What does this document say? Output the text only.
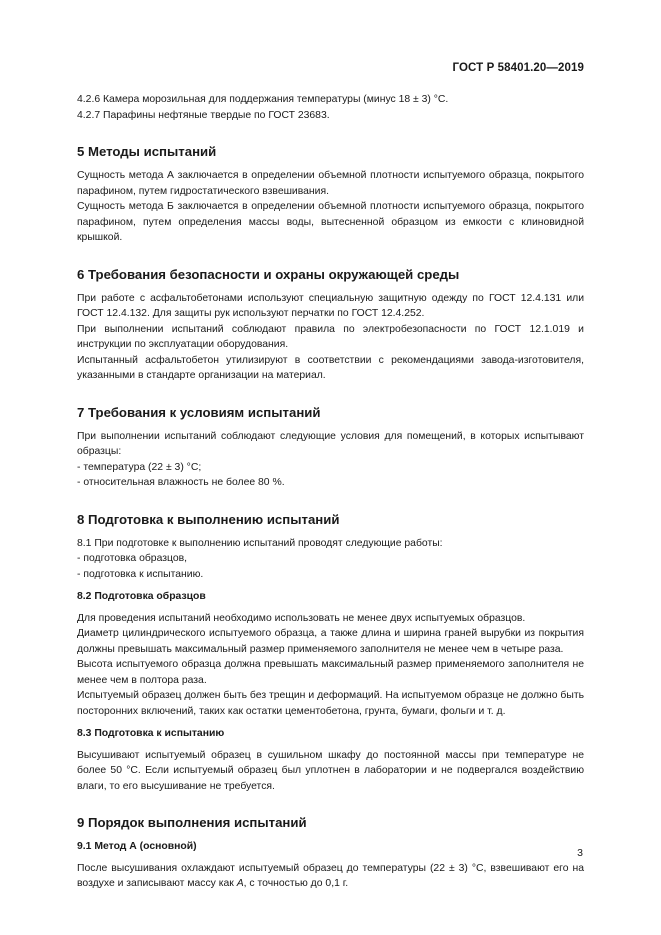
ГОСТ Р 58401.20—2019

4.2.6 Камера морозильная для поддержания температуры (минус 18 ± 3) °С.

4.2.7 Парафины нефтяные твердые по ГОСТ 23683.

5 Методы испытаний

Сущность метода А заключается в определении объемной плотности испытуемого образца, покрытого парафином, путем гидростатического взвешивания.

Сущность метода Б заключается в определении объемной плотности испытуемого образца, покрытого парафином, путем определения массы воды, вытесненной образцом из емкости с клиновидной крышкой.

6 Требования безопасности и охраны окружающей среды

При работе с асфальтобетонами используют специальную защитную одежду по ГОСТ 12.4.131 или ГОСТ 12.4.132. Для защиты рук используют перчатки по ГОСТ 12.4.252.

При выполнении испытаний соблюдают правила по электробезопасности по ГОСТ 12.1.019 и инструкции по эксплуатации оборудования.

Испытанный асфальтобетон утилизируют в соответствии с рекомендациями завода-изготовителя, указанными в стандарте организации на материал.

7 Требования к условиям испытаний

При выполнении испытаний соблюдают следующие условия для помещений, в которых испытывают образцы:

- температура (22 ± 3) °С;

- относительная влажность не более 80 %.

8 Подготовка к выполнению испытаний

8.1 При подготовке к выполнению испытаний проводят следующие работы:

- подготовка образцов,

- подготовка к испытанию.

8.2 Подготовка образцов

Для проведения испытаний необходимо использовать не менее двух испытуемых образцов.

Диаметр цилиндрического испытуемого образца, а также длина и ширина граней вырубки из покрытия должны превышать максимальный размер применяемого заполнителя не менее чем в четыре раза.

Высота испытуемого образца должна превышать максимальный размер применяемого заполнителя не менее чем в полтора раза.

Испытуемый образец должен быть без трещин и деформаций. На испытуемом образце не должно быть посторонних включений, таких как остатки цементобетона, грунта, бумаги, фольги и т. д.

8.3 Подготовка к испытанию

Высушивают испытуемый образец в сушильном шкафу до постоянной массы при температуре не более 50 °С. Если испытуемый образец был уплотнен в лаборатории и не подвергался воздействию влаги, то его высушивание не требуется.

9 Порядок выполнения испытаний
9.1 Метод А (основной)

После высушивания охлаждают испытуемый образец до температуры (22 ± 3) °С, взвешивают его на воздухе и записывают массу как А, с точностью до 0,1 г.

3
